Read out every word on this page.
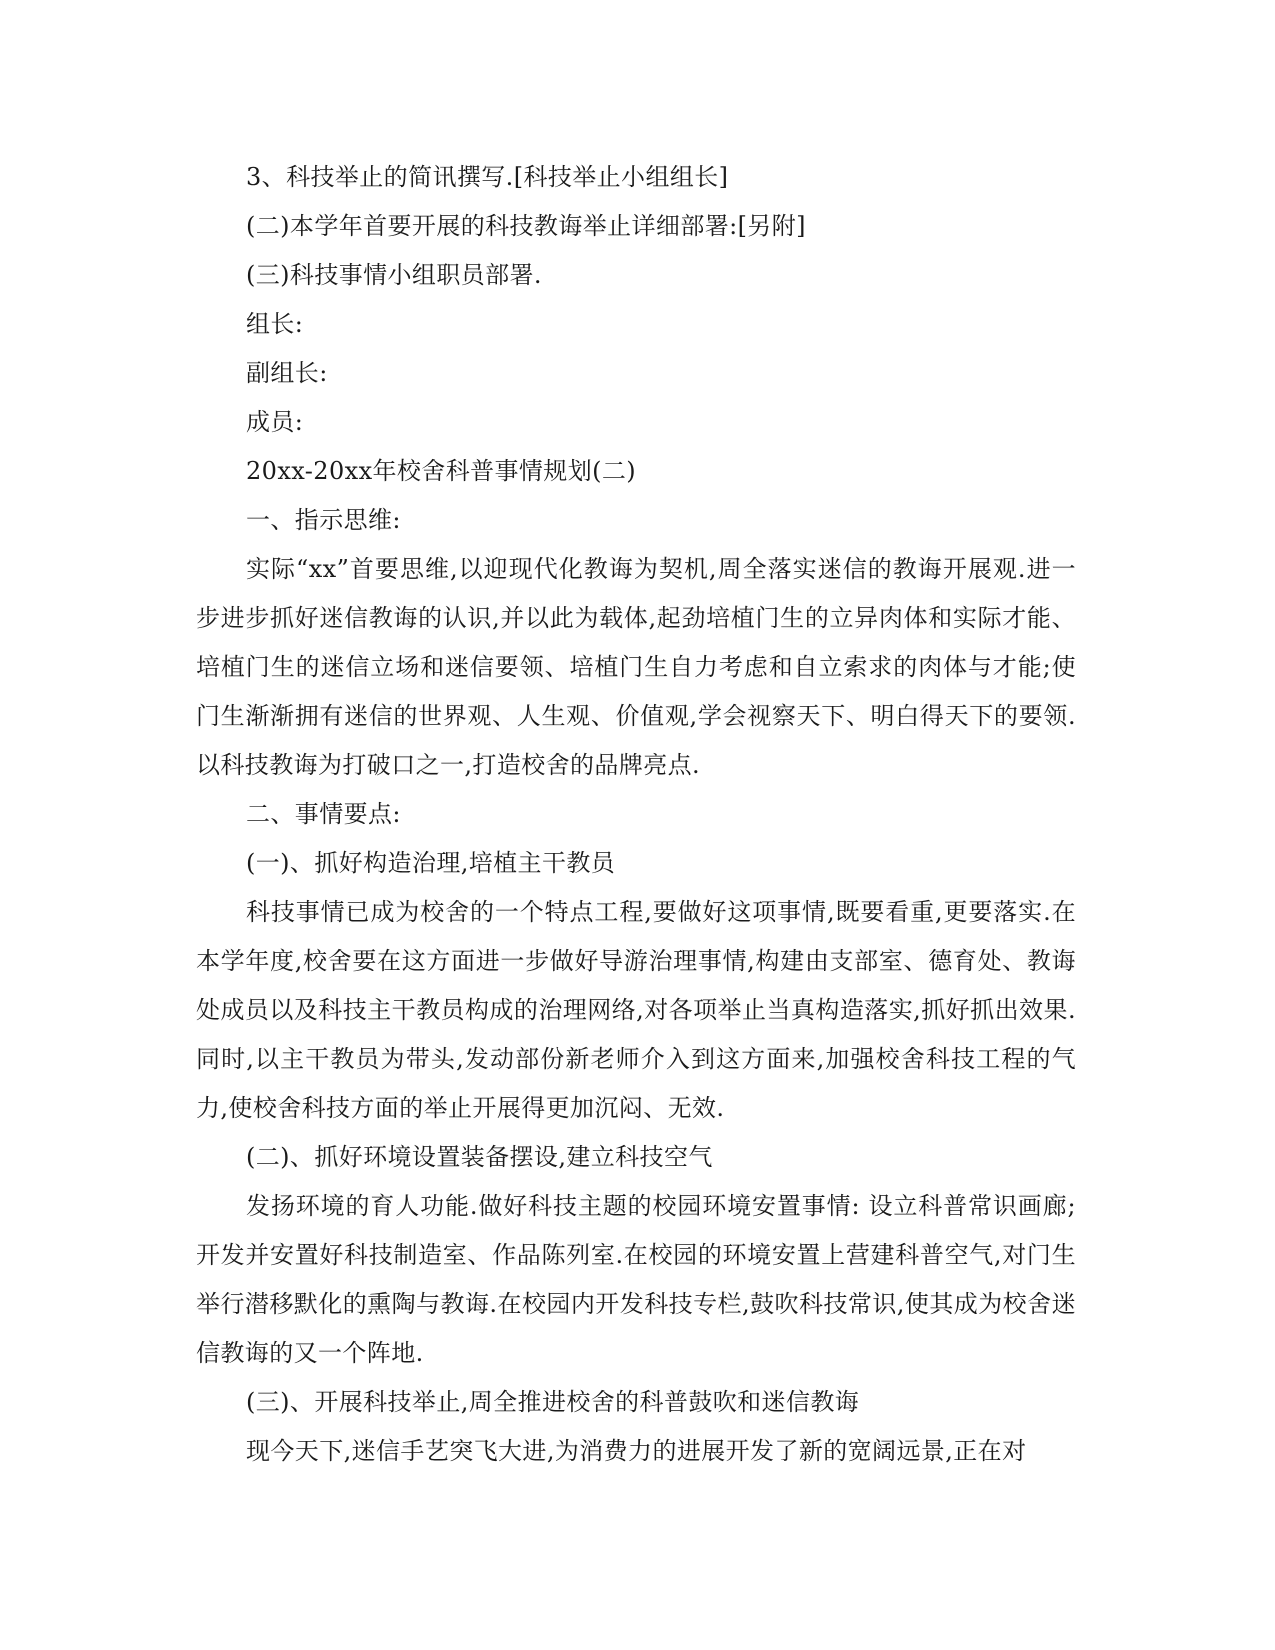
3、科技举止的简讯撰写.[科技举止小组组长]
(二)本学年首要开展的科技教诲举止详细部署:[另附]
(三)科技事情小组职员部署.
组长:
副组长:
成员:
20xx-20xx年校舍科普事情规划(二)
一、指示思维:

实际“xx”首要思维,以迎现代化教诲为契机,周全落实迷信的教诲开展观.进一步进步抓好迷信教诲的认识,并以此为载体,起劲培植门生的立异肉体和实际才能、培植门生的迷信立场和迷信要领、培植门生自力考虑和自立索求的肉体与才能;使门生渐渐拥有迷信的世界观、人生观、价值观,学会视察天下、明白得天下的要领.以科技教诲为打破口之一,打造校舍的品牌亮点.

二、事情要点:
(一)、抓好构造治理,培植主干教员

科技事情已成为校舍的一个特点工程,要做好这项事情,既要看重,更要落实.在本学年度,校舍要在这方面进一步做好导游治理事情,构建由支部室、德育处、教诲处成员以及科技主干教员构成的治理网络,对各项举止当真构造落实,抓好抓出效果.同时,以主干教员为带头,发动部份新老师介入到这方面来,加强校舍科技工程的气力,使校舍科技方面的举止开展得更加沉闷、无效.

(二)、抓好环境设置装备摆设,建立科技空气

发扬环境的育人功能.做好科技主题的校园环境安置事情: 设立科普常识画廊;开发并安置好科技制造室、作品陈列室.在校园的环境安置上营建科普空气,对门生举行潜移默化的熏陶与教诲.在校园内开发科技专栏,鼓吹科技常识,使其成为校舍迷信教诲的又一个阵地.

(三)、开展科技举止,周全推进校舍的科普鼓吹和迷信教诲
现今天下,迷信手艺突飞大进,为消费力的进展开发了新的宽阔远景,正在对
